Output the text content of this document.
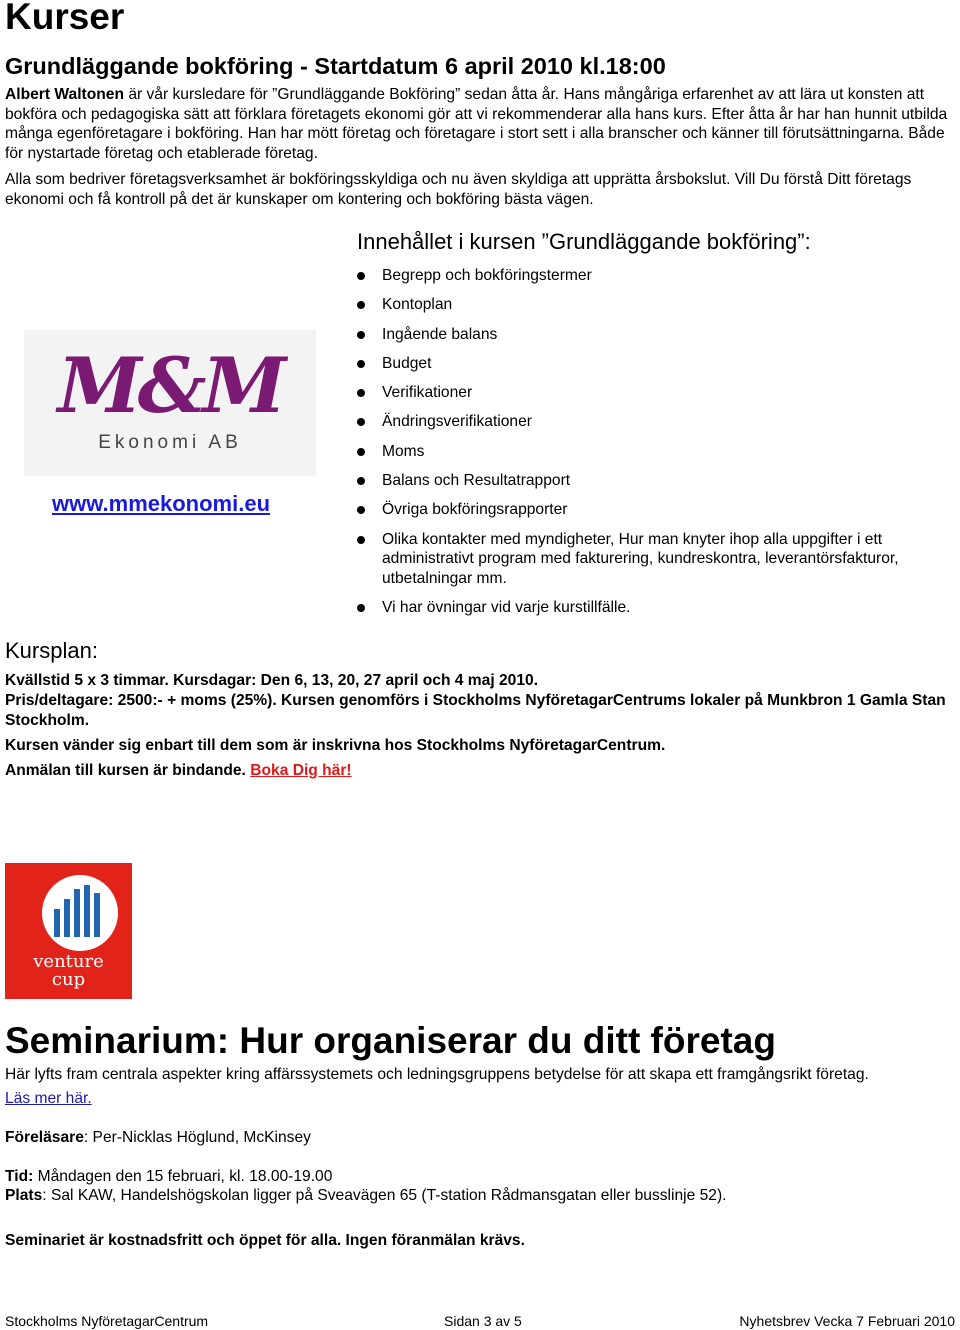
Kurser
Grundläggande bokföring - Startdatum 6 april 2010 kl.18:00

Albert Waltonen är vår kursledare för ”Grundläggande Bokföring” sedan åtta år. Hans mångåriga erfarenhet av att lära ut konsten att bokföra och pedagogiska sätt att förklara företagets ekonomi gör att vi rekommenderar alla hans kurs. Efter åtta år har han hunnit utbilda många egenföretagare i bokföring. Han har mött företag och företagare i stort sett i alla branscher och känner till förutsättningarna. Både för nystartade företag och etablerade företag.

Alla som bedriver företagsverksamhet är bokföringsskyldiga och nu även skyldiga att upprätta årsbokslut. Vill Du förstå Ditt företags ekonomi och få kontroll på det är kunskaper om kontering och bokföring bästa vägen.

M&M
Ekonomi AB
www.mmekonomi.eu
Innehållet i kursen ”Grundläggande bokföring”:
Begrepp och bokföringstermer
Kontoplan
Ingående balans
Budget
Verifikationer
Ändringsverifikationer
Moms
Balans och Resultatrapport
Övriga bokföringsrapporter
Olika kontakter med myndigheter, Hur man knyter ihop alla uppgifter i ett administrativt program med fakturering, kundreskontra, leverantörsfakturor, utbetalningar mm.
Vi har övningar vid varje kurstillfälle.
Kursplan:

Kvällstid 5 x 3 timmar. Kursdagar: Den 6, 13, 20, 27 april och 4 maj 2010.

Pris/deltagare: 2500:- + moms (25%). Kursen genomförs i Stockholms NyföretagarCentrums lokaler på Munkbron 1 Gamla Stan Stockholm.

Kursen vänder sig enbart till dem som är inskrivna hos Stockholms NyföretagarCentrum.

Anmälan till kursen är bindande. Boka Dig här!

venture
cup
Seminarium: Hur organiserar du ditt företag

Här lyfts fram centrala aspekter kring affärssystemets och ledningsgruppens betydelse för att skapa ett framgångsrikt företag.

Läs mer här.

Föreläsare: Per-Nicklas Höglund, McKinsey

Tid: Måndagen den 15 februari, kl. 18.00-19.00

Plats: Sal KAW, Handelshögskolan ligger på Sveavägen 65 (T-station Rådmansgatan eller busslinje 52).

Seminariet är kostnadsfritt och öppet för alla. Ingen föranmälan krävs.

Stockholms NyföretagarCentrum	Sidan 3 av 5	Nyhetsbrev Vecka 7 Februari 2010
